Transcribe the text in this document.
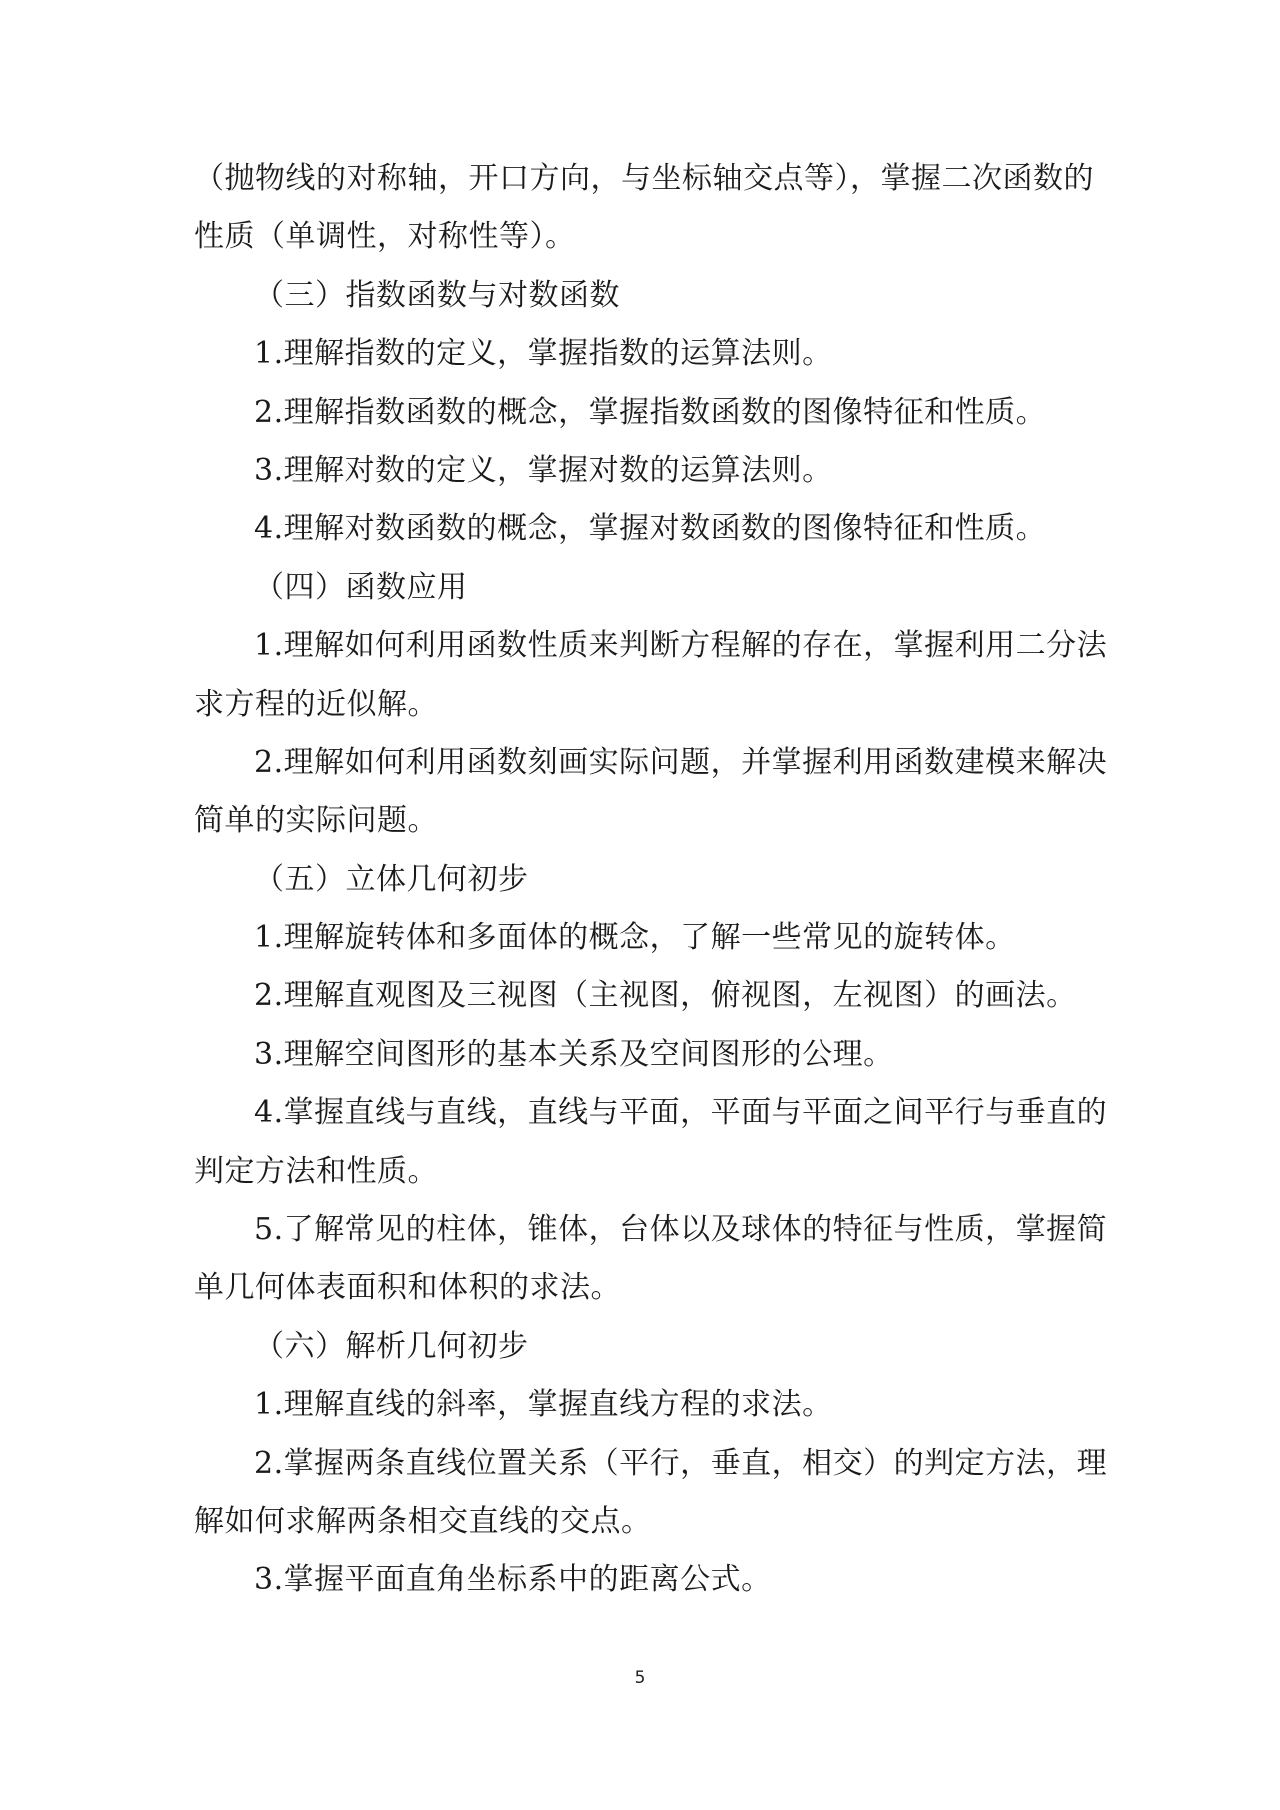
（抛物线的对称轴，开口方向，与坐标轴交点等），掌握二次函数的
性质（单调性，对称性等）。
（三）指数函数与对数函数
1.理解指数的定义，掌握指数的运算法则。
2.理解指数函数的概念，掌握指数函数的图像特征和性质。
3.理解对数的定义，掌握对数的运算法则。
4.理解对数函数的概念，掌握对数函数的图像特征和性质。
（四）函数应用
1.理解如何利用函数性质来判断方程解的存在，掌握利用二分法
求方程的近似解。
2.理解如何利用函数刻画实际问题，并掌握利用函数建模来解决
简单的实际问题。
（五）立体几何初步
1.理解旋转体和多面体的概念，了解一些常见的旋转体。
2.理解直观图及三视图（主视图，俯视图，左视图）的画法。
3.理解空间图形的基本关系及空间图形的公理。
4.掌握直线与直线，直线与平面，平面与平面之间平行与垂直的
判定方法和性质。
5.了解常见的柱体，锥体，台体以及球体的特征与性质，掌握简
单几何体表面积和体积的求法。
（六）解析几何初步
1.理解直线的斜率，掌握直线方程的求法。
2.掌握两条直线位置关系（平行，垂直，相交）的判定方法，理
解如何求解两条相交直线的交点。
3.掌握平面直角坐标系中的距离公式。
5
